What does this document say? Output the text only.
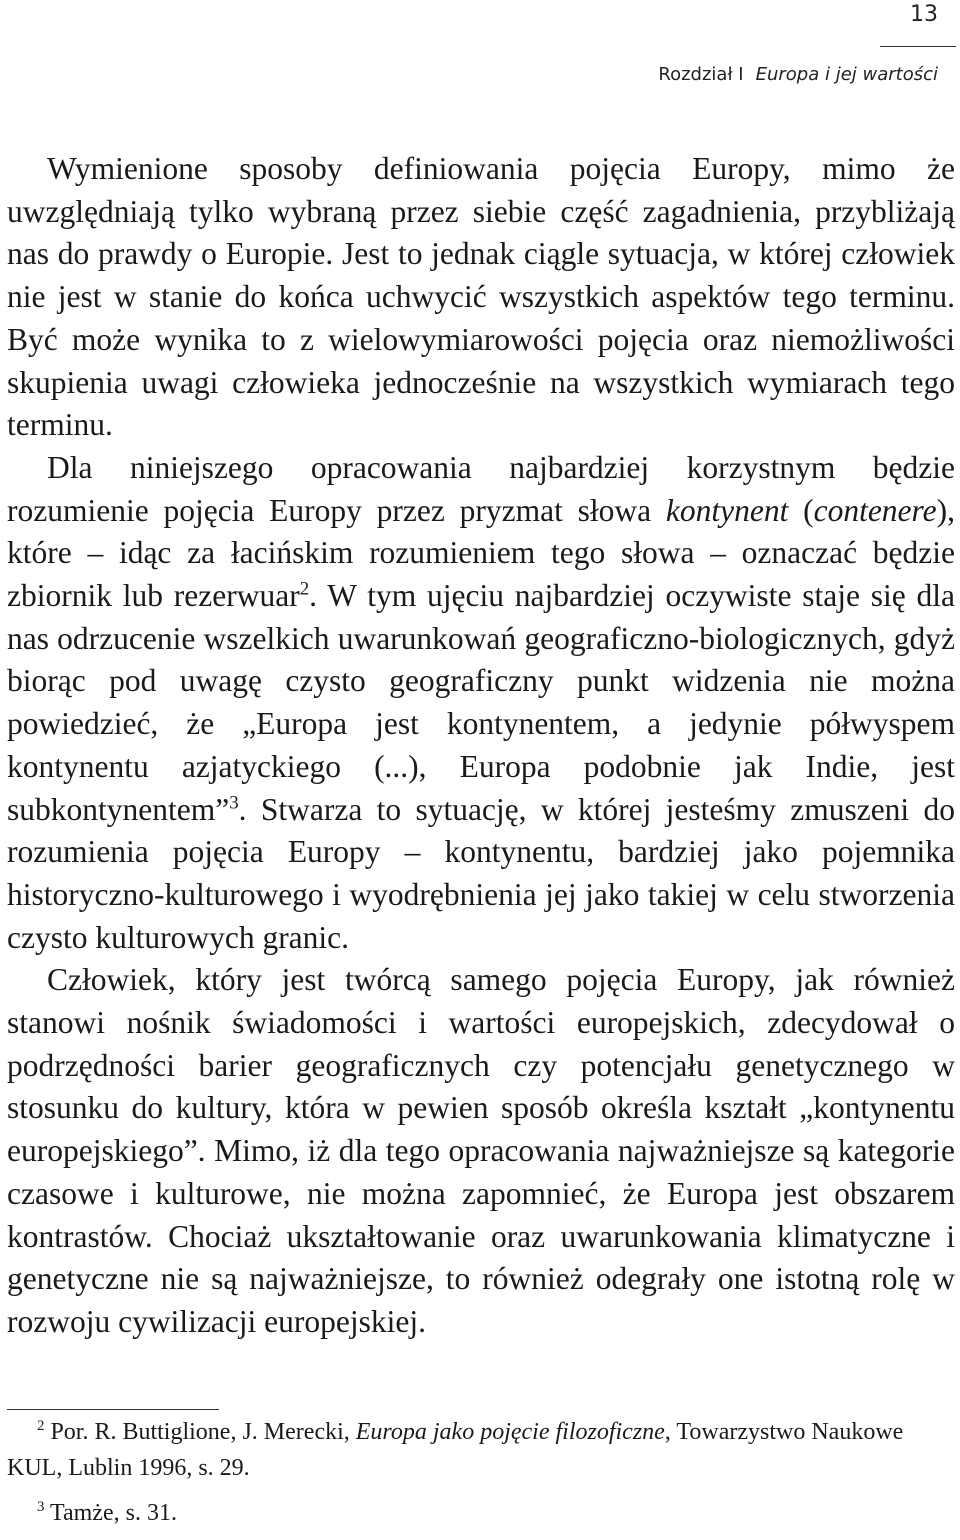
13
Rozdział I Europa i jej wartości

Wymienione sposoby definiowania pojęcia Europy, mimo że uwzględniają tylko wybraną przez siebie część zagadnienia, przybliżają nas do prawdy o Europie. Jest to jednak ciągle sytuacja, w której człowiek nie jest w stanie do końca uchwycić wszystkich aspektów tego terminu. Być może wynika to z wielowymiarowości pojęcia oraz niemożliwości skupienia uwagi człowieka jednocześnie na wszystkich wymiarach tego terminu.

Dla niniejszego opracowania najbardziej korzystnym będzie rozumienie pojęcia Europy przez pryzmat słowa kontynent (contenere), które – idąc za łacińskim rozumieniem tego słowa – oznaczać będzie zbiornik lub rezerwuar$^2$. W tym ujęciu najbardziej oczywiste staje się dla nas odrzucenie wszelkich uwarunkowań geograficzno-biologicznych, gdyż biorąc pod uwagę czysto geograficzny punkt widzenia nie można powiedzieć, że „Europa jest kontynentem, a jedynie półwyspem kontynentu azjatyckiego (...), Europa podobnie jak Indie, jest subkontynentem”$^3$. Stwarza to sytuację, w której jesteśmy zmuszeni do rozumienia pojęcia Europy – kontynentu, bardziej jako pojemnika historyczno-kulturowego i wyodrębnienia jej jako takiej w celu stworzenia czysto kulturowych granic.

Człowiek, który jest twórcą samego pojęcia Europy, jak również stanowi nośnik świadomości i wartości europejskich, zdecydował o podrzędności barier geograficznych czy potencjału genetycznego w stosunku do kultury, która w pewien sposób określa kształt „kontynentu europejskiego”. Mimo, iż dla tego opracowania najważniejsze są kategorie czasowe i kulturowe, nie można zapomnieć, że Europa jest obszarem kontrastów. Chociaż ukształtowanie oraz uwarunkowania klimatyczne i genetyczne nie są najważniejsze, to również odegrały one istotną rolę w rozwoju cywilizacji europejskiej.

$^2$ Por. R. Buttiglione, J. Merecki, Europa jako pojęcie filozoficzne, Towarzystwo Naukowe KUL, Lublin 1996, s. 29.

$^3$ Tamże, s. 31.
